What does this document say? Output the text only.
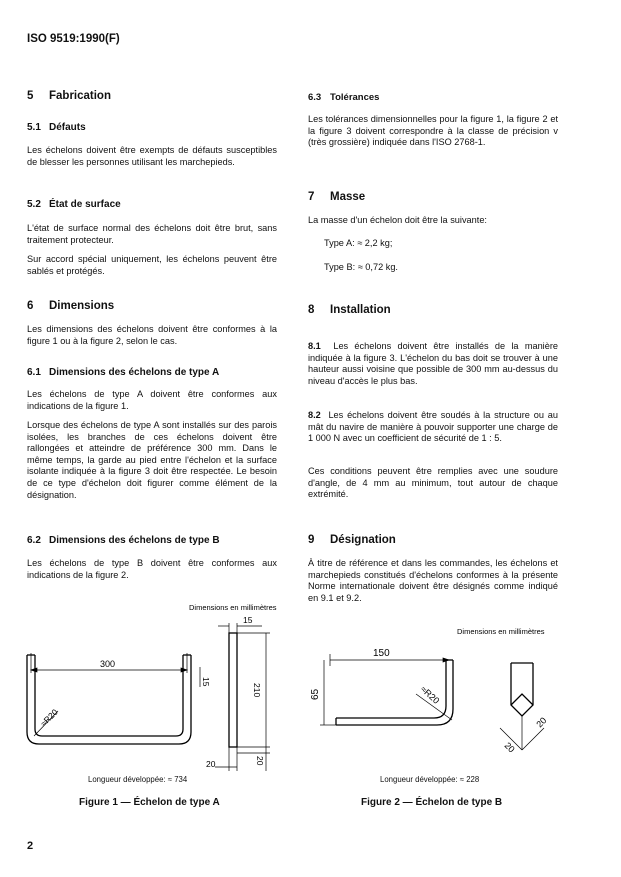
ISO 9519:1990(F)
5 Fabrication
5.1 Défauts

Les échelons doivent être exempts de défauts susceptibles de blesser les personnes utilisant les marchepieds.

5.2 État de surface

L'état de surface normal des échelons doit être brut, sans traitement protecteur.

Sur accord spécial uniquement, les échelons peuvent être sablés et protégés.

6 Dimensions

Les dimensions des échelons doivent être conformes à la figure 1 ou à la figure 2, selon le cas.

6.1 Dimensions des échelons de type A

Les échelons de type A doivent être conformes aux indications de la figure 1.

Lorsque des échelons de type A sont installés sur des parois isolées, les branches de ces échelons doivent être rallongées et atteindre de préférence 300 mm. Dans le même temps, la garde au pied entre l'échelon et la surface isolante indiquée à la figure 3 doit être respectée. Le besoin de ce type d'échelon doit figurer comme élément de la désignation.

6.2 Dimensions des échelons de type B

Les échelons de type B doivent être conformes aux indications de la figure 2.

6.3 Tolérances

Les tolérances dimensionnelles pour la figure 1, la figure 2 et la figure 3 doivent correspondre à la classe de précision v (très grossière) indiquée dans l'ISO 2768-1.

7 Masse

La masse d'un échelon doit être la suivante:

Type A: ≈ 2,2 kg;
Type B: ≈ 0,72 kg.
8 Installation

8.1 Les échelons doivent être installés de la manière indiquée à la figure 3. L'échelon du bas doit se trouver à une hauteur aussi voisine que possible de 300 mm au-dessus du niveau d'accès le plus bas.

8.2 Les échelons doivent être soudés à la structure ou au mât du navire de manière à pouvoir supporter une charge de 1 000 N avec un coefficient de sécurité de 1 : 5.

Ces conditions peuvent être remplies avec une soudure d'angle, de 4 mm au minimum, tout autour de chaque extrémité.

9 Désignation

À titre de référence et dans les commandes, les échelons et marchepieds constitués d'échelons conformes à la présente Norme internationale doivent être désignés comme indiqué en 9.1 et 9.2.

Dimensions en millimètres
300
≈R20
15
15
210
20	20
Longueur développée: ≈ 734
Figure 1 — Échelon de type A
Dimensions en millimètres
150
65	≈R20
20
20
Longueur développée: ≈ 228
Figure 2 — Échelon de type B
2
